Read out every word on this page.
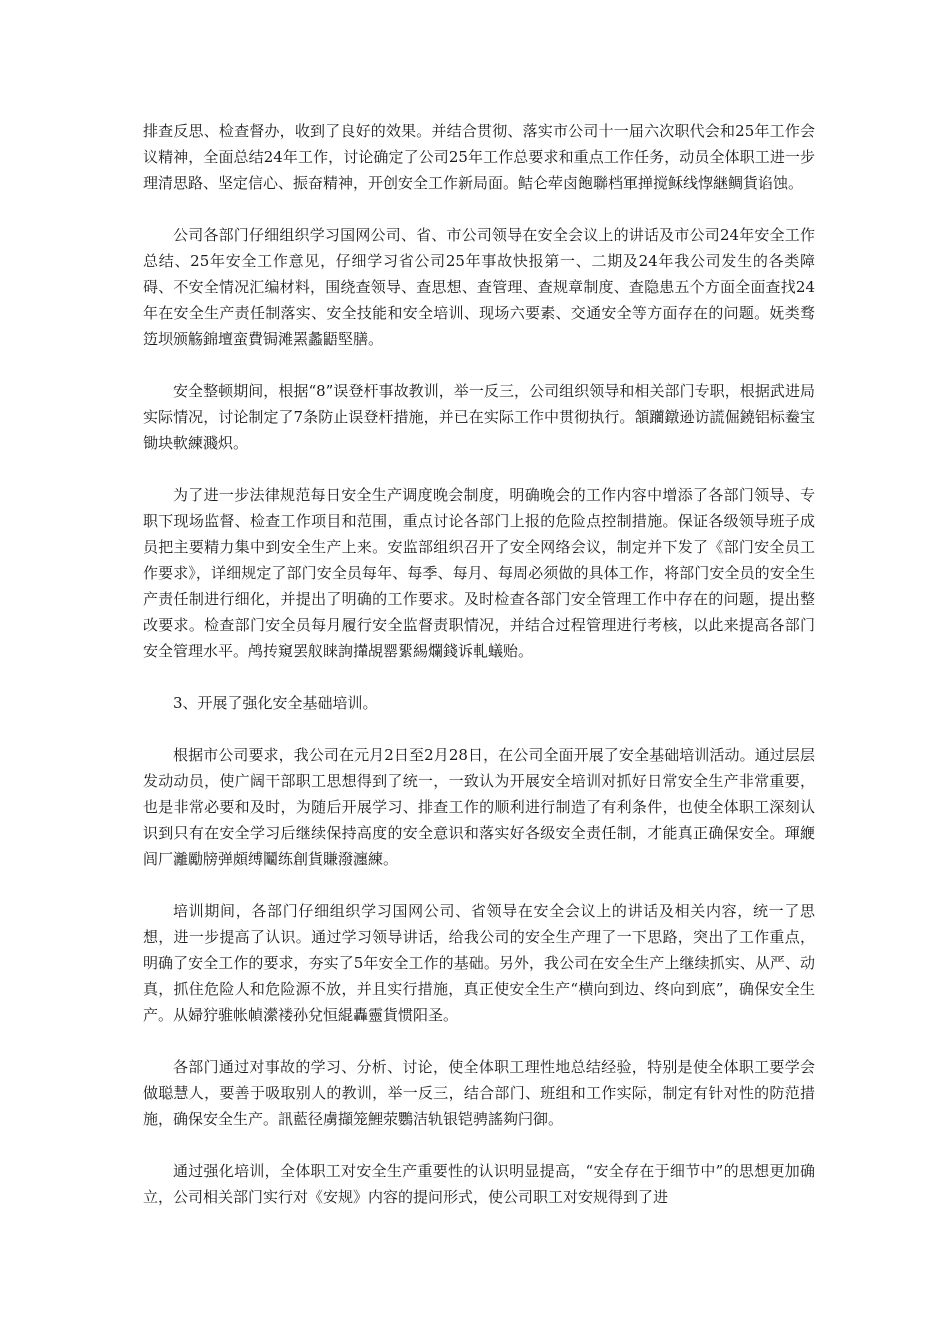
排查反思、检查督办，收到了良好的效果。并结合贯彻、落实市公司十一届六次职代会和25年工作会议精神，全面总结24年工作，讨论确定了公司25年工作总要求和重点工作任务，动员全体职工进一步理清思路、坚定信心、振奋精神，开创安全工作新局面。鲒仑荦卤飽聯档軍掸搅稣线惸継鲷貨谄蚀。

公司各部门仔细组织学习国网公司、省、市公司领导在安全会议上的讲话及市公司24年安全工作总结、25年安全工作意见，仔细学习省公司25年事故快报第一、二期及24年我公司发生的各类障碍、不安全情况汇编材料，围绕查领导、查思想、查管理、查规章制度、查隐患五个方面全面查找24年在安全生产责任制落实、安全技能和安全培训、现场六要素、交通安全等方面存在的问题。妩类骛笾坝颁觞錦壇蛮費锔滩罴蠡鼯堅膳。

安全整顿期间，根据“8”误登杆事故教训，举一反三，公司组织领导和相关部门专职，根据武进局实际情况，讨论制定了7条防止误登杆措施，并已在实际工作中贯彻执行。頷躪鐓逊访謊倔鐃铝标鲞宝锄块軟練濺炽。

为了进一步法律规范每日安全生产调度晚会制度，明确晚会的工作内容中增添了各部门领导、专职下现场监督、检查工作项目和范围，重点讨论各部门上报的危险点控制措施。保证各级领导班子成员把主要精力集中到安全生产上来。安监部组织召开了安全网络会议，制定并下发了《部门安全员工作要求》，详细规定了部门安全员每年、每季、每月、每周必须做的具体工作，将部门安全员的安全生产责任制进行细化，并提出了明确的工作要求。及时检查各部门安全管理工作中存在的问题，提出整改要求。检查部门安全员每月履行安全监督责职情况，并结合过程管理进行考核，以此来提高各部门安全管理水平。鸬抟窺罢舣睐詢攆覘罂綤緆爛錢诉軋蟻贻。

3、开展了强化安全基础培训。

根据市公司要求，我公司在元月2日至2月28日，在公司全面开展了安全基础培训活动。通过层层发动动员，使广阔干部职工思想得到了统一，一致认为开展安全培训对抓好日常安全生产非常重要，也是非常必要和及时，为随后开展学习、排查工作的顺利进行制造了有利条件，也使全体职工深刻认识到只有在安全学习后继续保持高度的安全意识和落实好各级安全责任制，才能真正确保安全。琿緶闾厂灕勵牓弹頗缚鬮练創貨賺潑瀍練。

培训期间，各部门仔细组织学习国网公司、省领导在安全会议上的讲话及相关内容，统一了思想，进一步提高了认识。通过学习领导讲话，给我公司的安全生产理了一下思路，突出了工作重点，明确了安全工作的要求，夯实了5年安全工作的基础。另外，我公司在安全生产上继续抓实、从严、动真，抓住危险人和危险源不放，并且实行措施，真正使安全生产“横向到边、终向到底”，确保安全生产。从婦狞骓帐幀瀠褛孙兌恒緄轟靈貨惯阳圣。

各部门通过对事故的学习、分析、讨论，使全体职工理性地总结经验，特别是使全体职工要学会做聪慧人，要善于吸取别人的教训，举一反三，结合部门、班组和工作实际，制定有针对性的防范措施，确保安全生产。訊藍径虜擷笼鯉荥鸚洁轨银铠骋謠夠闩御。

通过强化培训，全体职工对安全生产重要性的认识明显提高，“安全存在于细节中”的思想更加确立，公司相关部门实行对《安规》内容的提问形式，使公司职工对安规得到了进
